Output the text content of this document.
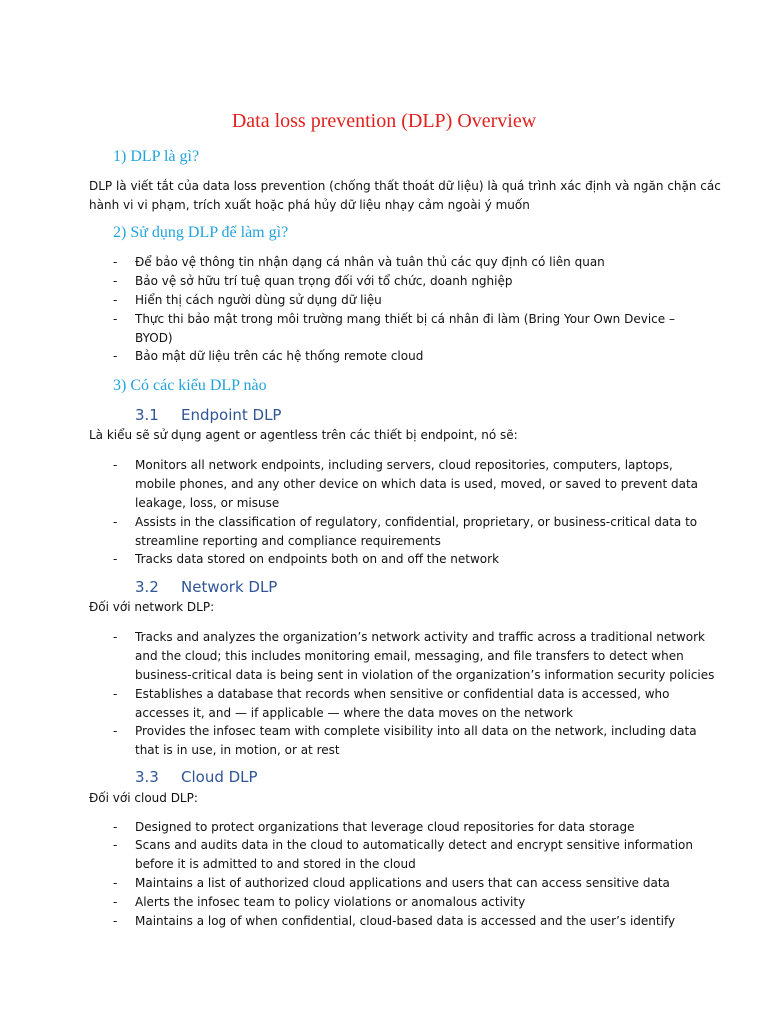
Data loss prevention (DLP) Overview
1) DLP là gì?
DLP là viết tắt của data loss prevention (chống thất thoát dữ liệu) là quá trình xác định và ngăn chặn các
hành vi vi phạm, trích xuất hoặc phá hủy dữ liệu nhạy cảm ngoài ý muốn
2) Sử dụng DLP để làm gì?
- Để bảo vệ thông tin nhận dạng cá nhân và tuân thủ các quy định có liên quan
- Bảo vệ sở hữu trí tuệ quan trọng đối với tổ chức, doanh nghiệp
- Hiển thị cách người dùng sử dụng dữ liệu
- Thực thi bảo mật trong môi trường mang thiết bị cá nhân đi làm (Bring Your Own Device –
BYOD)
- Bảo mật dữ liệu trên các hệ thống remote cloud
3) Có các kiểu DLP nào
3.1 Endpoint DLP
Là kiểu sẽ sử dụng agent or agentless trên các thiết bị endpoint, nó sẽ:
- Monitors all network endpoints, including servers, cloud repositories, computers, laptops,
mobile phones, and any other device on which data is used, moved, or saved to prevent data
leakage, loss, or misuse
- Assists in the classification of regulatory, confidential, proprietary, or business-critical data to
streamline reporting and compliance requirements
- Tracks data stored on endpoints both on and off the network
3.2 Network DLP
Đối với network DLP:
- Tracks and analyzes the organization’s network activity and traffic across a traditional network
and the cloud; this includes monitoring email, messaging, and file transfers to detect when
business-critical data is being sent in violation of the organization’s information security policies
- Establishes a database that records when sensitive or confidential data is accessed, who
accesses it, and — if applicable — where the data moves on the network
- Provides the infosec team with complete visibility into all data on the network, including data
that is in use, in motion, or at rest
3.3 Cloud DLP
Đối với cloud DLP:
- Designed to protect organizations that leverage cloud repositories for data storage
- Scans and audits data in the cloud to automatically detect and encrypt sensitive information
before it is admitted to and stored in the cloud
- Maintains a list of authorized cloud applications and users that can access sensitive data
- Alerts the infosec team to policy violations or anomalous activity
- Maintains a log of when confidential, cloud-based data is accessed and the user’s identify
